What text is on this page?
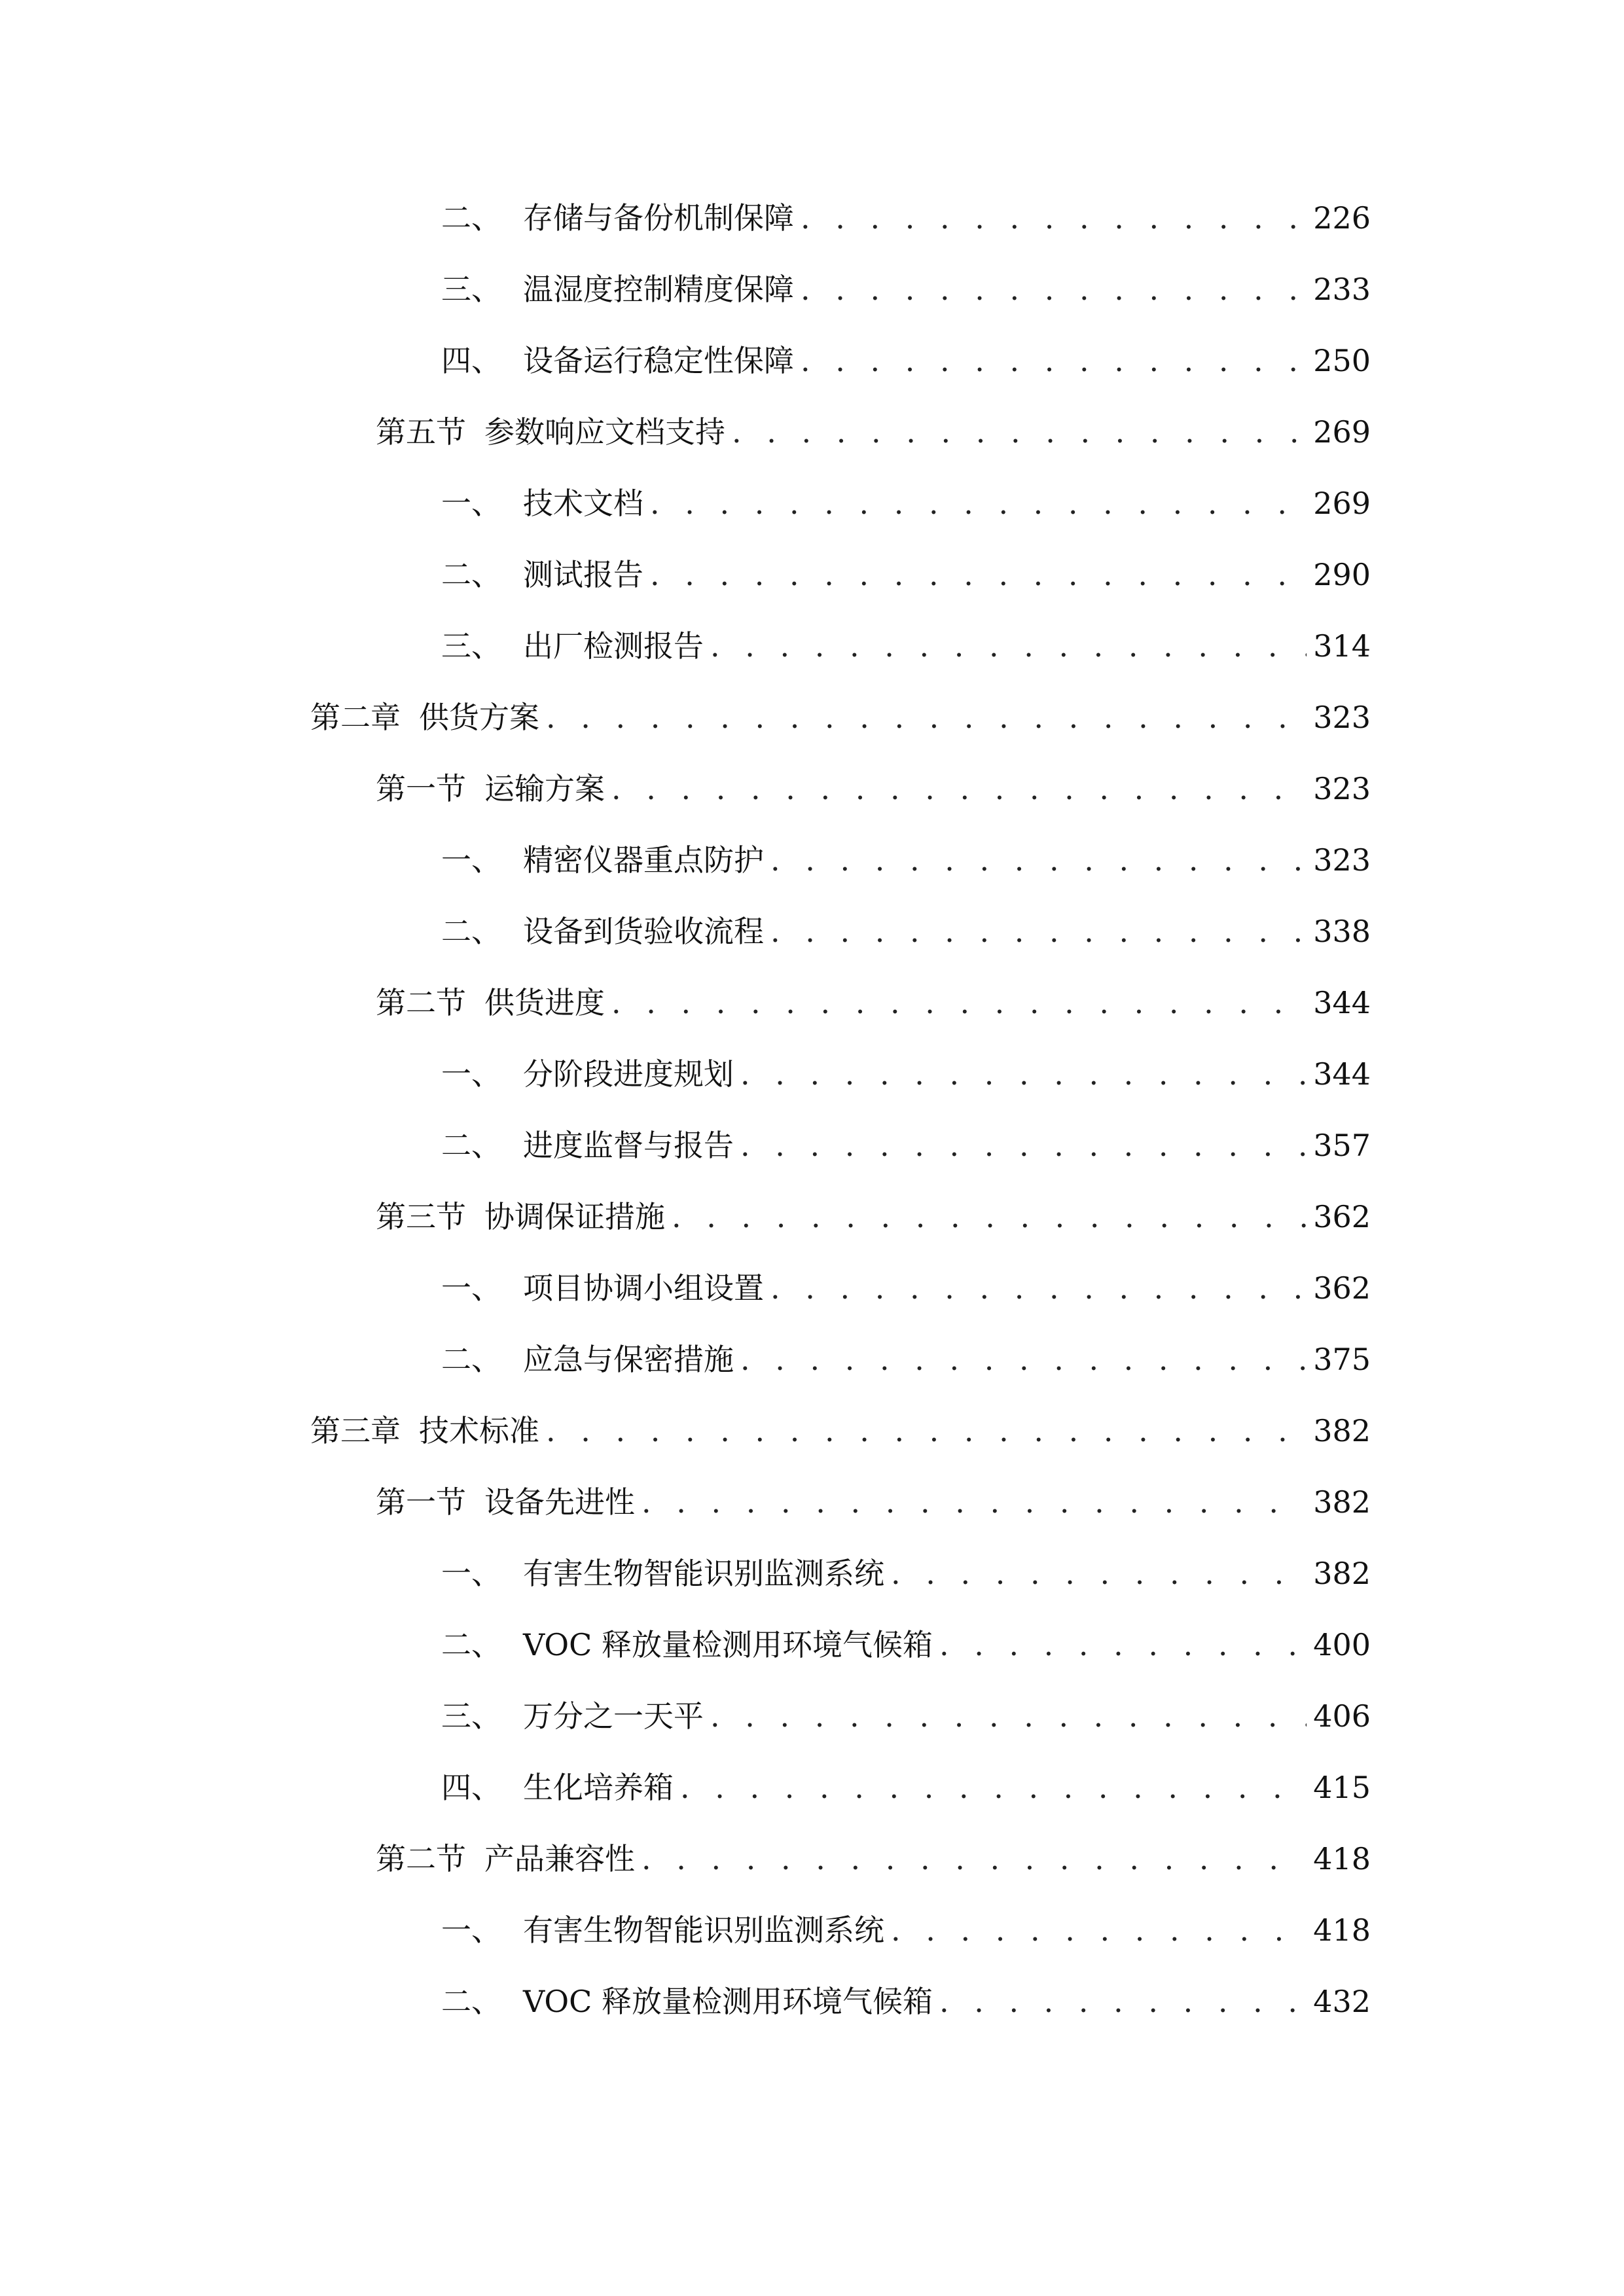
二、 存储与备份机制保障 . . .	226
三、 温湿度控制精度保障 . . .	233
四、 设备运行稳定性保障 . . .	250
第五节 参数响应文档支持 . . .	269
一、 技术文档 . . .	269
二、 测试报告 . . .	290
三、 出厂检测报告 . . .	314
第二章 供货方案 . . .	323
第一节 运输方案 . . .	323
一、 精密仪器重点防护 . . .	323
二、 设备到货验收流程 . . .	338
第二节 供货进度 . . .	344
一、 分阶段进度规划 . . .	344
二、 进度监督与报告 . . .	357
第三节 协调保证措施 . . .	362
一、 项目协调小组设置 . . .	362
二、 应急与保密措施 . . .	375
第三章 技术标准 . . .	382
第一节 设备先进性 . . .	382
一、 有害生物智能识别监测系统 . . .	382
二、 VOC 释放量检测用环境气候箱 . . .	400
三、 万分之一天平 . . .	406
四、 生化培养箱 . . .	415
第二节 产品兼容性 . . .	418
一、 有害生物智能识别监测系统 . . .	418
二、 VOC 释放量检测用环境气候箱 . . .	432
